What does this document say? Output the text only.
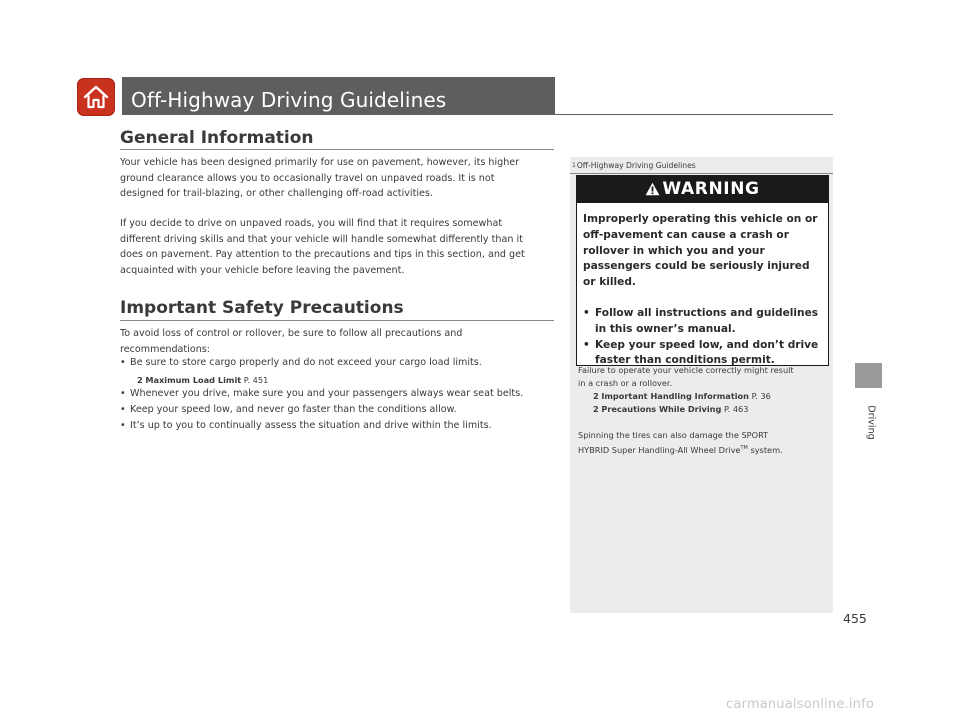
Off-Highway Driving Guidelines
General Information
Your vehicle has been designed primarily for use on pavement, however, its higher
ground clearance allows you to occasionally travel on unpaved roads. It is not
designed for trail-blazing, or other challenging off-road activities.
If you decide to drive on unpaved roads, you will find that it requires somewhat
different driving skills and that your vehicle will handle somewhat differently than it
does on pavement. Pay attention to the precautions and tips in this section, and get
acquainted with your vehicle before leaving the pavement.
Important Safety Precautions
To avoid loss of control or rollover, be sure to follow all precautions and
recommendations:
• Be sure to store cargo properly and do not exceed your cargo load limits.
2 Maximum Load Limit P. 451
• Whenever you drive, make sure you and your passengers always wear seat belts.
• Keep your speed low, and never go faster than the conditions allow.
• It’s up to you to continually assess the situation and drive within the limits.
1Off-Highway Driving Guidelines
WARNING

Improperly operating this vehicle on or off-pavement can cause a crash or rollover in which you and your passengers could be seriously injured or killed.

• Follow all instructions and guidelines in this owner’s manual.
• Keep your speed low, and don’t drive faster than conditions permit.
Failure to operate your vehicle correctly might result
in a crash or a rollover.
2 Important Handling Information P. 36
2 Precautions While Driving P. 463
Spinning the tires can also damage the SPORT
HYBRID Super Handling-All Wheel Drive™ system.
Driving
455
carmanualsonline.info
